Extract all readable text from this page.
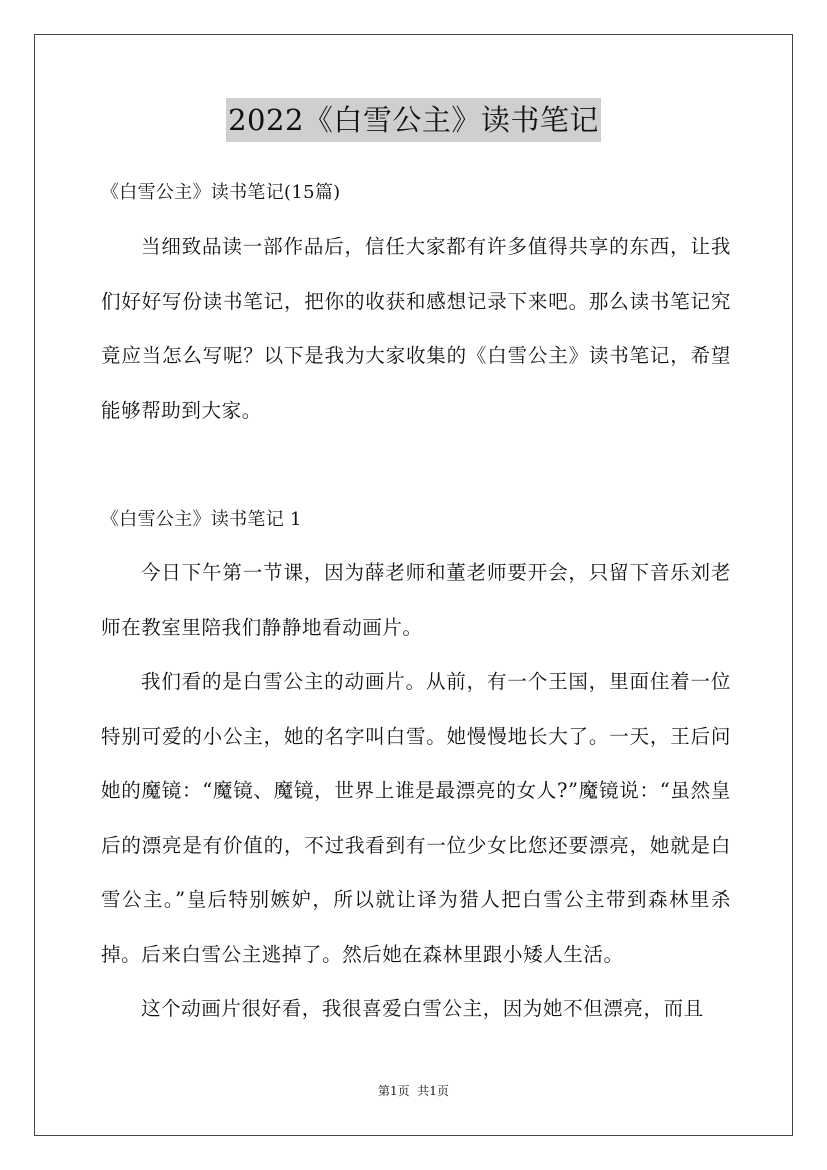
2022《白雪公主》读书笔记

《白雪公主》读书笔记(15篇)

当细致品读一部作品后，信任大家都有许多值得共享的东西，让我们好好写份读书笔记，把你的收获和感想记录下来吧。那么读书笔记究竟应当怎么写呢？以下是我为大家收集的《白雪公主》读书笔记，希望能够帮助到大家。

《白雪公主》读书笔记 1

今日下午第一节课，因为薛老师和董老师要开会，只留下音乐刘老师在教室里陪我们静静地看动画片。

我们看的是白雪公主的动画片。从前，有一个王国，里面住着一位特别可爱的小公主，她的名字叫白雪。她慢慢地长大了。一天，王后问她的魔镜：“魔镜、魔镜，世界上谁是最漂亮的女人?”魔镜说：“虽然皇后的漂亮是有价值的，不过我看到有一位少女比您还要漂亮，她就是白雪公主。”皇后特别嫉妒，所以就让译为猎人把白雪公主带到森林里杀掉。后来白雪公主逃掉了。然后她在森林里跟小矮人生活。

这个动画片很好看，我很喜爱白雪公主，因为她不但漂亮，而且

第1页  共1页
